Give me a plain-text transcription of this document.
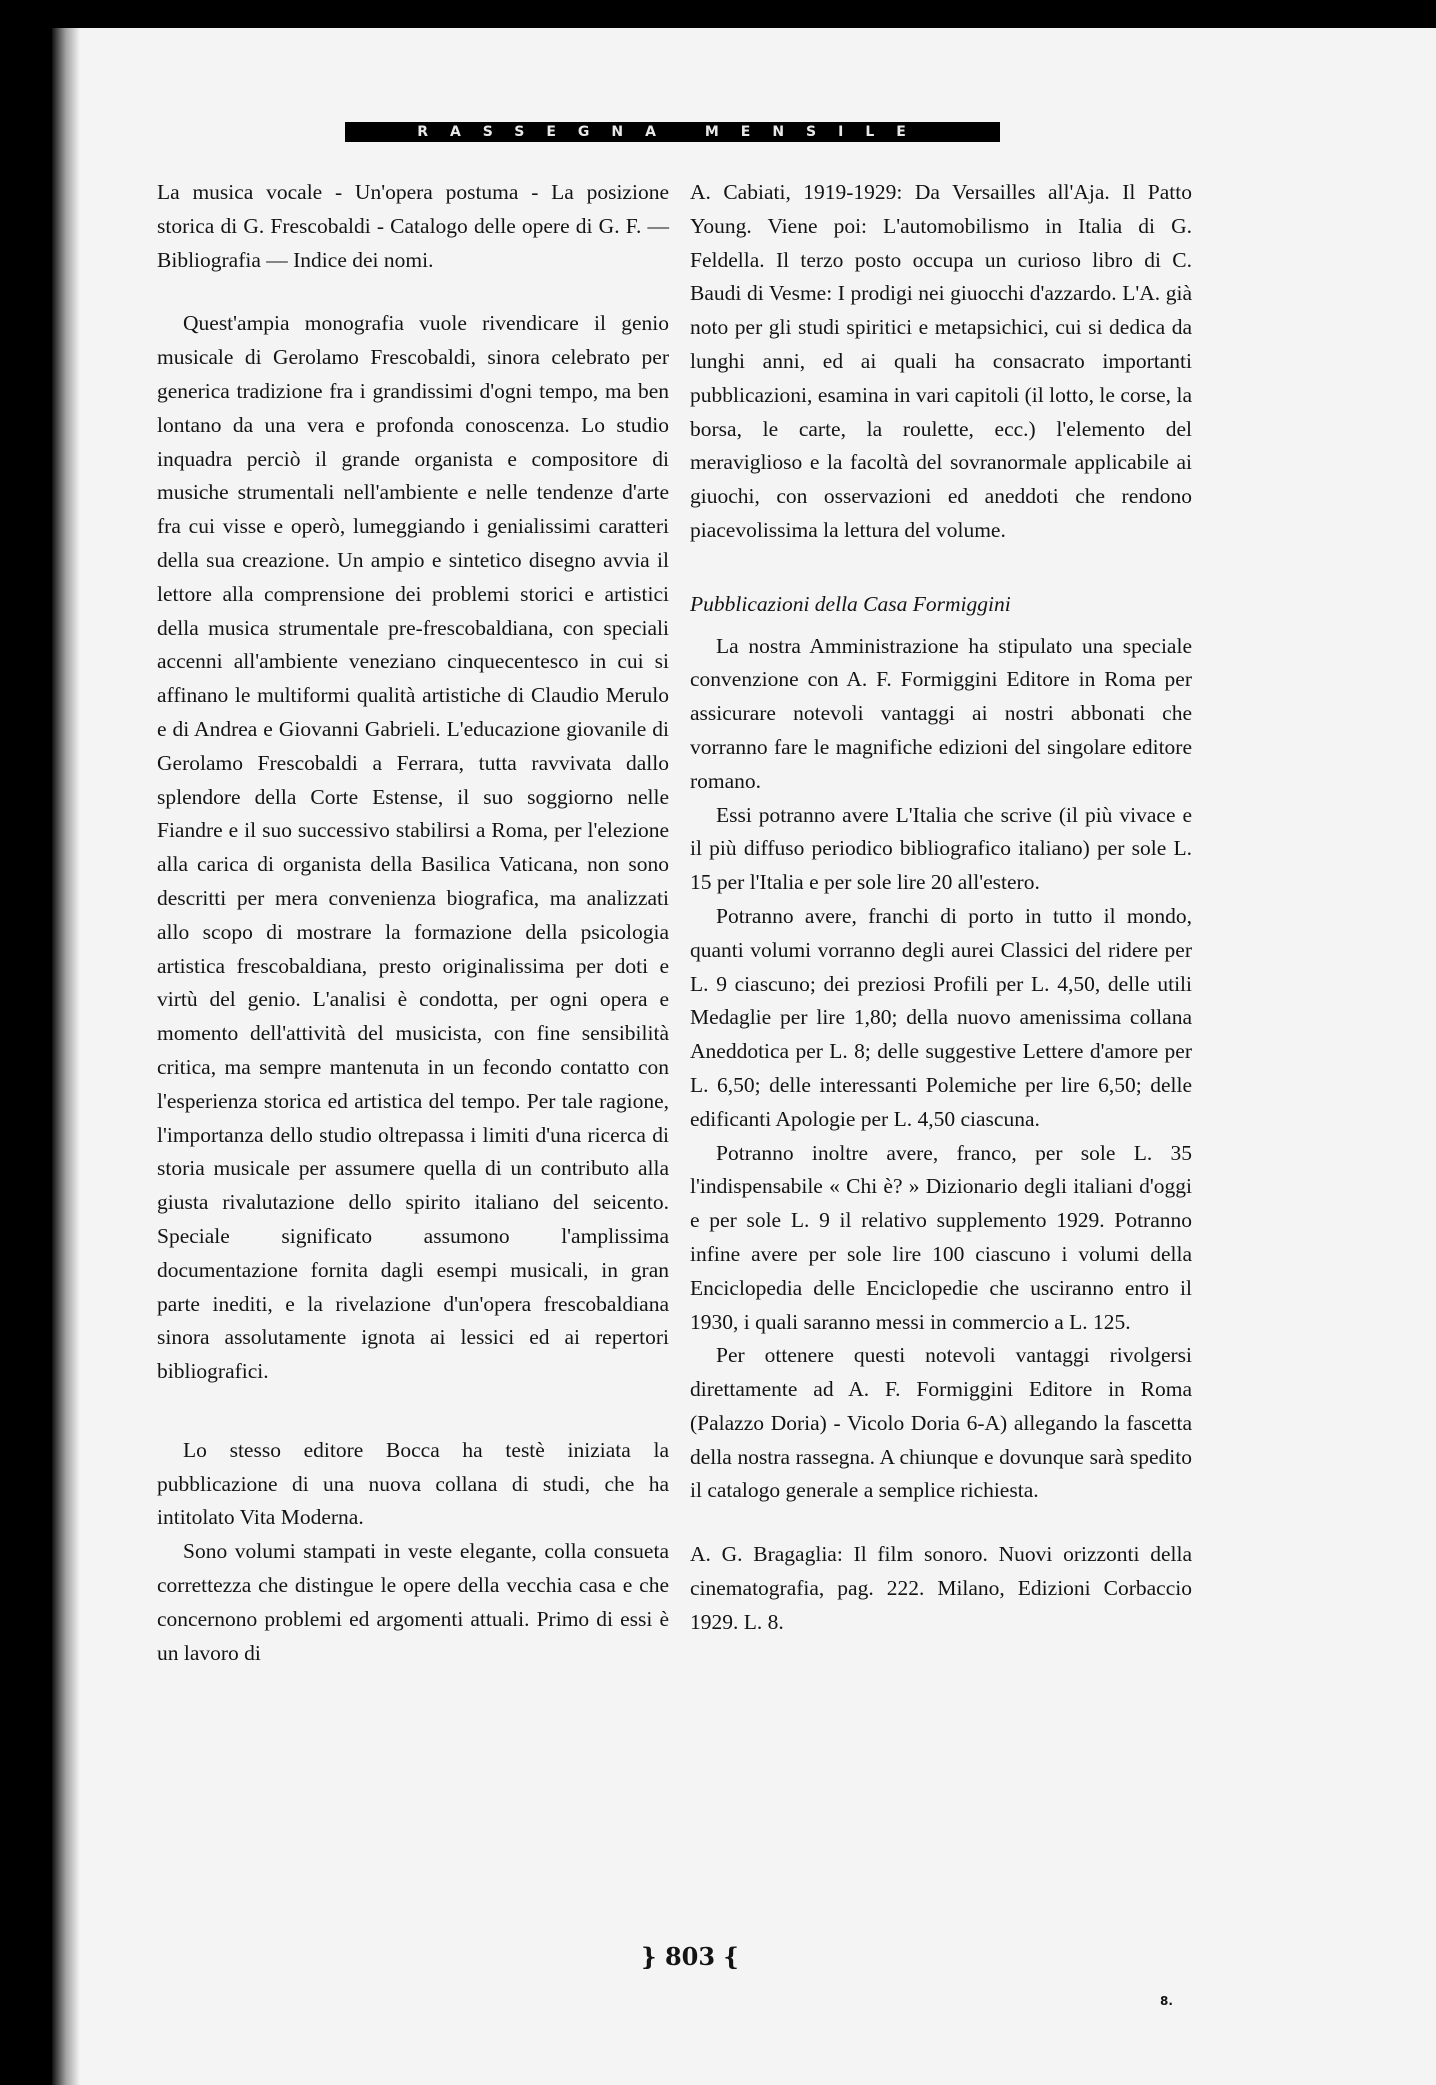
RASSEGNA MENSILE

La musica vocale - Un'opera postuma - La posizione storica di G. Frescobaldi - Catalogo delle opere di G. F. — Bibliografia — Indice dei nomi.

Quest'ampia monografia vuole rivendicare il genio musicale di Gerolamo Frescobaldi, sinora celebrato per generica tradizione fra i grandissimi d'ogni tempo, ma ben lontano da una vera e profonda conoscenza. Lo studio inquadra perciò il grande organista e compositore di musiche strumentali nell'ambiente e nelle tendenze d'arte fra cui visse e operò, lumeggiando i genialissimi caratteri della sua creazione. Un ampio e sintetico disegno avvia il lettore alla comprensione dei problemi storici e artistici della musica strumentale pre-frescobaldiana, con speciali accenni all'ambiente veneziano cinquecentesco in cui si affinano le multiformi qualità artistiche di Claudio Merulo e di Andrea e Giovanni Gabrieli. L'educazione giovanile di Gerolamo Frescobaldi a Ferrara, tutta ravvivata dallo splendore della Corte Estense, il suo soggiorno nelle Fiandre e il suo successivo stabilirsi a Roma, per l'elezione alla carica di organista della Basilica Vaticana, non sono descritti per mera convenienza biografica, ma analizzati allo scopo di mostrare la formazione della psicologia artistica frescobaldiana, presto originalissima per doti e virtù del genio. L'analisi è condotta, per ogni opera e momento dell'attività del musicista, con fine sensibilità critica, ma sempre mantenuta in un fecondo contatto con l'esperienza storica ed artistica del tempo. Per tale ragione, l'importanza dello studio oltrepassa i limiti d'una ricerca di storia musicale per assumere quella di un contributo alla giusta rivalutazione dello spirito italiano del seicento. Speciale significato assumono l'amplissima documentazione fornita dagli esempi musicali, in gran parte inediti, e la rivelazione d'un'opera frescobaldiana sinora assolutamente ignota ai lessici ed ai repertori bibliografici.

Lo stesso editore Bocca ha testè iniziata la pubblicazione di una nuova collana di studi, che ha intitolato Vita Moderna.

Sono volumi stampati in veste elegante, colla consueta correttezza che distingue le opere della vecchia casa e che concernono problemi ed argomenti attuali. Primo di essi è un lavoro di

A. Cabiati, 1919-1929: Da Versailles all'Aja. Il Patto Young. Viene poi: L'automobilismo in Italia di G. Feldella. Il terzo posto occupa un curioso libro di C. Baudi di Vesme: I prodigi nei giuocchi d'azzardo. L'A. già noto per gli studi spiritici e metapsichici, cui si dedica da lunghi anni, ed ai quali ha consacrato importanti pubblicazioni, esamina in vari capitoli (il lotto, le corse, la borsa, le carte, la roulette, ecc.) l'elemento del meraviglioso e la facoltà del sovranormale applicabile ai giuochi, con osservazioni ed aneddoti che rendono piacevolissima la lettura del volume.

Pubblicazioni della Casa Formiggini

La nostra Amministrazione ha stipulato una speciale convenzione con A. F. Formiggini Editore in Roma per assicurare notevoli vantaggi ai nostri abbonati che vorranno fare le magnifiche edizioni del singolare editore romano.

Essi potranno avere L'Italia che scrive (il più vivace e il più diffuso periodico bibliografico italiano) per sole L. 15 per l'Italia e per sole lire 20 all'estero.

Potranno avere, franchi di porto in tutto il mondo, quanti volumi vorranno degli aurei Classici del ridere per L. 9 ciascuno; dei preziosi Profili per L. 4,50, delle utili Medaglie per lire 1,80; della nuovo amenissima collana Aneddotica per L. 8; delle suggestive Lettere d'amore per L. 6,50; delle interessanti Polemiche per lire 6,50; delle edificanti Apologie per L. 4,50 ciascuna.

Potranno inoltre avere, franco, per sole L. 35 l'indispensabile « Chi è? » Dizionario degli italiani d'oggi e per sole L. 9 il relativo supplemento 1929. Potranno infine avere per sole lire 100 ciascuno i volumi della Enciclopedia delle Enciclopedie che usciranno entro il 1930, i quali saranno messi in commercio a L. 125.

Per ottenere questi notevoli vantaggi rivolgersi direttamente ad A. F. Formiggini Editore in Roma (Palazzo Doria) - Vicolo Doria 6-A) allegando la fascetta della nostra rassegna. A chiunque e dovunque sarà spedito il catalogo generale a semplice richiesta.

A. G. Bragaglia: Il film sonoro. Nuovi orizzonti della cinematografia, pag. 222. Milano, Edizioni Corbaccio 1929. L. 8.

} 803 {
8.
